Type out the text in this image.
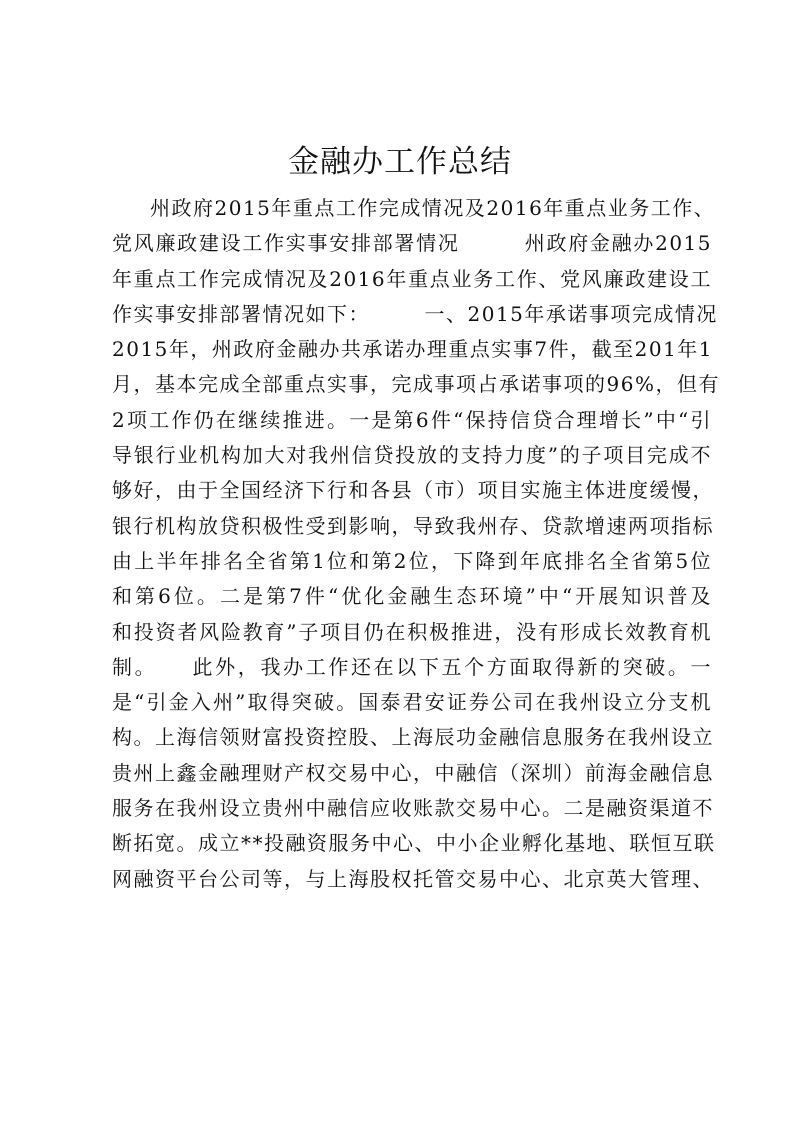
金融办工作总结
州政府2015年重点工作完成情况及2016年重点业务工作、
党风廉政建设工作实事安排部署情况　　　州政府金融办2015
年重点工作完成情况及2016年重点业务工作、党风廉政建设工
作实事安排部署情况如下：　　　一、2015年承诺事项完成情况
2015年，州政府金融办共承诺办理重点实事7件，截至201年1
月，基本完成全部重点实事，完成事项占承诺事项的96%，但有
2项工作仍在继续推进。一是第6件“保持信贷合理增长”中“引
导银行业机构加大对我州信贷投放的支持力度”的子项目完成不
够好，由于全国经济下行和各县（市）项目实施主体进度缓慢，
银行机构放贷积极性受到影响，导致我州存、贷款增速两项指标
由上半年排名全省第1位和第2位，下降到年底排名全省第5位
和第6位。二是第7件“优化金融生态环境”中“开展知识普及
和投资者风险教育”子项目仍在积极推进，没有形成长效教育机
制。　　此外，我办工作还在以下五个方面取得新的突破。一
是“引金入州”取得突破。国泰君安证券公司在我州设立分支机
构。上海信领财富投资控股、上海辰功金融信息服务在我州设立
贵州上鑫金融理财产权交易中心，中融信（深圳）前海金融信息
服务在我州设立贵州中融信应收账款交易中心。二是融资渠道不
断拓宽。成立**投融资服务中心、中小企业孵化基地、联恒互联
网融资平台公司等，与上海股权托管交易中心、北京英大管理、
